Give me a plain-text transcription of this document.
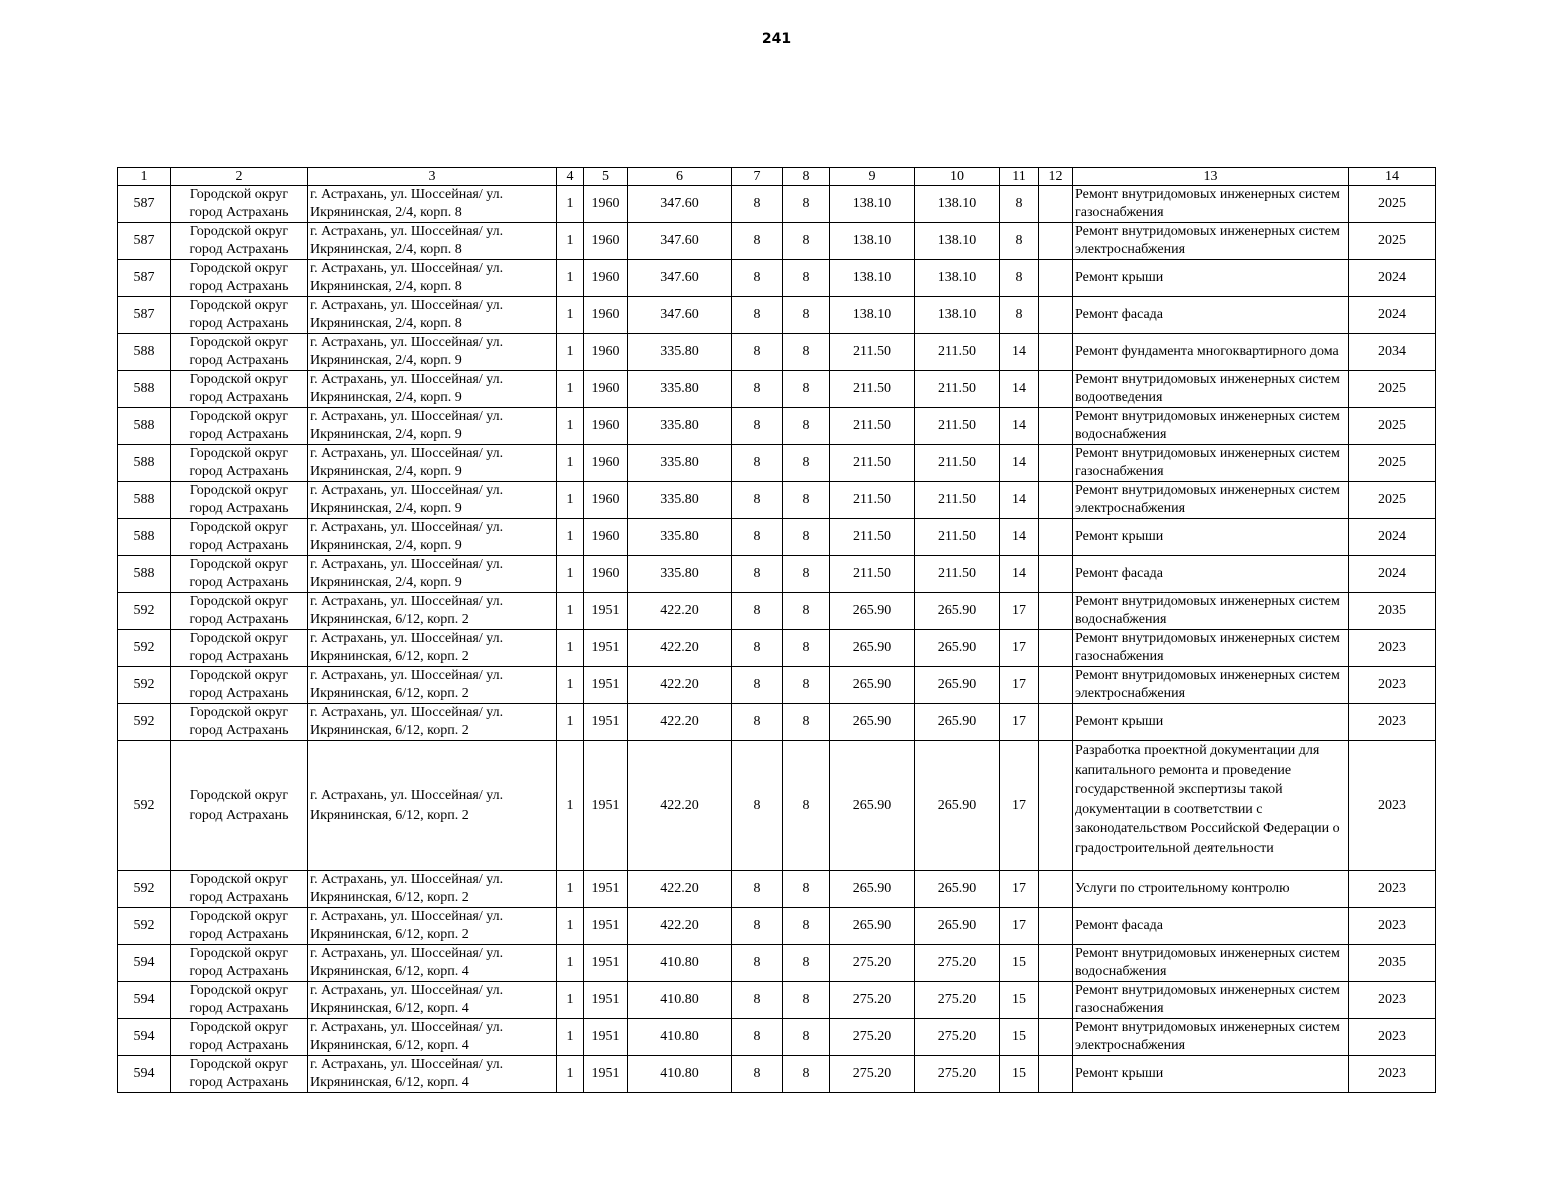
241
1	2	3	4	5	6	7	8	9	10	11	12	13	14
587	Городской округ город Астрахань	г. Астрахань, ул. Шоссейная/ ул. Икрянинская, 2/4, корп. 8	1	1960	347.60	8	8	138.10	138.10	8		Ремонт внутридомовых инженерных систем газоснабжения	2025
587	Городской округ город Астрахань	г. Астрахань, ул. Шоссейная/ ул. Икрянинская, 2/4, корп. 8	1	1960	347.60	8	8	138.10	138.10	8		Ремонт внутридомовых инженерных систем электроснабжения	2025
587	Городской округ город Астрахань	г. Астрахань, ул. Шоссейная/ ул. Икрянинская, 2/4, корп. 8	1	1960	347.60	8	8	138.10	138.10	8		Ремонт крыши	2024
587	Городской округ город Астрахань	г. Астрахань, ул. Шоссейная/ ул. Икрянинская, 2/4, корп. 8	1	1960	347.60	8	8	138.10	138.10	8		Ремонт фасада	2024
588	Городской округ город Астрахань	г. Астрахань, ул. Шоссейная/ ул. Икрянинская, 2/4, корп. 9	1	1960	335.80	8	8	211.50	211.50	14		Ремонт фундамента многоквартирного дома	2034
588	Городской округ город Астрахань	г. Астрахань, ул. Шоссейная/ ул. Икрянинская, 2/4, корп. 9	1	1960	335.80	8	8	211.50	211.50	14		Ремонт внутридомовых инженерных систем водоотведения	2025
588	Городской округ город Астрахань	г. Астрахань, ул. Шоссейная/ ул. Икрянинская, 2/4, корп. 9	1	1960	335.80	8	8	211.50	211.50	14		Ремонт внутридомовых инженерных систем водоснабжения	2025
588	Городской округ город Астрахань	г. Астрахань, ул. Шоссейная/ ул. Икрянинская, 2/4, корп. 9	1	1960	335.80	8	8	211.50	211.50	14		Ремонт внутридомовых инженерных систем газоснабжения	2025
588	Городской округ город Астрахань	г. Астрахань, ул. Шоссейная/ ул. Икрянинская, 2/4, корп. 9	1	1960	335.80	8	8	211.50	211.50	14		Ремонт внутридомовых инженерных систем электроснабжения	2025
588	Городской округ город Астрахань	г. Астрахань, ул. Шоссейная/ ул. Икрянинская, 2/4, корп. 9	1	1960	335.80	8	8	211.50	211.50	14		Ремонт крыши	2024
588	Городской округ город Астрахань	г. Астрахань, ул. Шоссейная/ ул. Икрянинская, 2/4, корп. 9	1	1960	335.80	8	8	211.50	211.50	14		Ремонт фасада	2024
592	Городской округ город Астрахань	г. Астрахань, ул. Шоссейная/ ул. Икрянинская, 6/12, корп. 2	1	1951	422.20	8	8	265.90	265.90	17		Ремонт внутридомовых инженерных систем водоснабжения	2035
592	Городской округ город Астрахань	г. Астрахань, ул. Шоссейная/ ул. Икрянинская, 6/12, корп. 2	1	1951	422.20	8	8	265.90	265.90	17		Ремонт внутридомовых инженерных систем газоснабжения	2023
592	Городской округ город Астрахань	г. Астрахань, ул. Шоссейная/ ул. Икрянинская, 6/12, корп. 2	1	1951	422.20	8	8	265.90	265.90	17		Ремонт внутридомовых инженерных систем электроснабжения	2023
592	Городской округ город Астрахань	г. Астрахань, ул. Шоссейная/ ул. Икрянинская, 6/12, корп. 2	1	1951	422.20	8	8	265.90	265.90	17		Ремонт крыши	2023
592	Городской округ город Астрахань	г. Астрахань, ул. Шоссейная/ ул. Икрянинская, 6/12, корп. 2	1	1951	422.20	8	8	265.90	265.90	17		Разработка проектной документации для капитального ремонта и проведение государственной экспертизы такой документации в соответствии с законодательством Российской Федерации о градостроительной деятельности	2023
592	Городской округ город Астрахань	г. Астрахань, ул. Шоссейная/ ул. Икрянинская, 6/12, корп. 2	1	1951	422.20	8	8	265.90	265.90	17		Услуги по строительному контролю	2023
592	Городской округ город Астрахань	г. Астрахань, ул. Шоссейная/ ул. Икрянинская, 6/12, корп. 2	1	1951	422.20	8	8	265.90	265.90	17		Ремонт фасада	2023
594	Городской округ город Астрахань	г. Астрахань, ул. Шоссейная/ ул. Икрянинская, 6/12, корп. 4	1	1951	410.80	8	8	275.20	275.20	15		Ремонт внутридомовых инженерных систем водоснабжения	2035
594	Городской округ город Астрахань	г. Астрахань, ул. Шоссейная/ ул. Икрянинская, 6/12, корп. 4	1	1951	410.80	8	8	275.20	275.20	15		Ремонт внутридомовых инженерных систем газоснабжения	2023
594	Городской округ город Астрахань	г. Астрахань, ул. Шоссейная/ ул. Икрянинская, 6/12, корп. 4	1	1951	410.80	8	8	275.20	275.20	15		Ремонт внутридомовых инженерных систем электроснабжения	2023
594	Городской округ город Астрахань	г. Астрахань, ул. Шоссейная/ ул. Икрянинская, 6/12, корп. 4	1	1951	410.80	8	8	275.20	275.20	15		Ремонт крыши	2023
